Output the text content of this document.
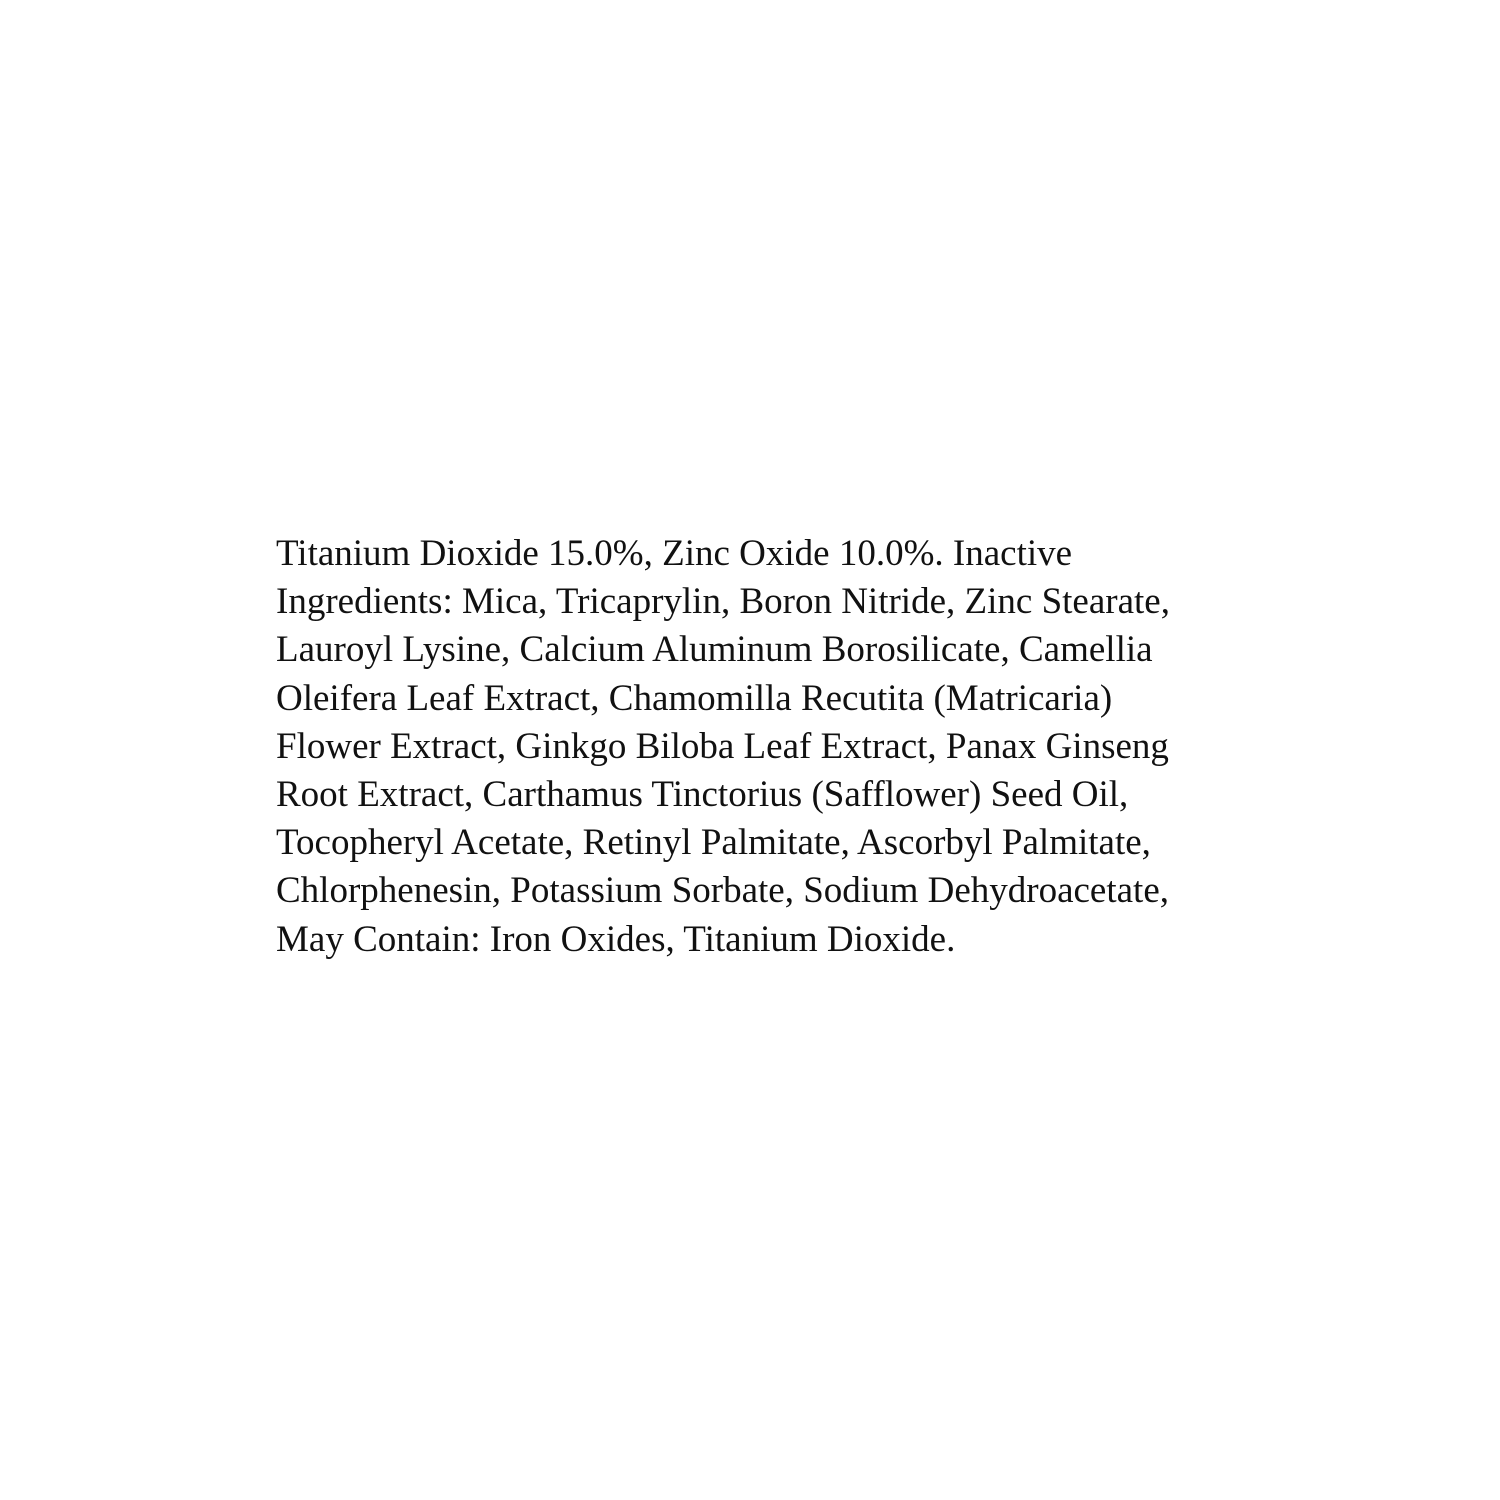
Titanium Dioxide 15.0%, Zinc Oxide 10.0%. Inactive
Ingredients: Mica, Tricaprylin, Boron Nitride, Zinc Stearate,
Lauroyl Lysine, Calcium Aluminum Borosilicate, Camellia
Oleifera Leaf Extract, Chamomilla Recutita (Matricaria)
Flower Extract, Ginkgo Biloba Leaf Extract, Panax Ginseng
Root Extract, Carthamus Tinctorius (Safflower) Seed Oil,
Tocopheryl Acetate, Retinyl Palmitate, Ascorbyl Palmitate,
Chlorphenesin, Potassium Sorbate, Sodium Dehydroacetate,
May Contain: Iron Oxides, Titanium Dioxide.
